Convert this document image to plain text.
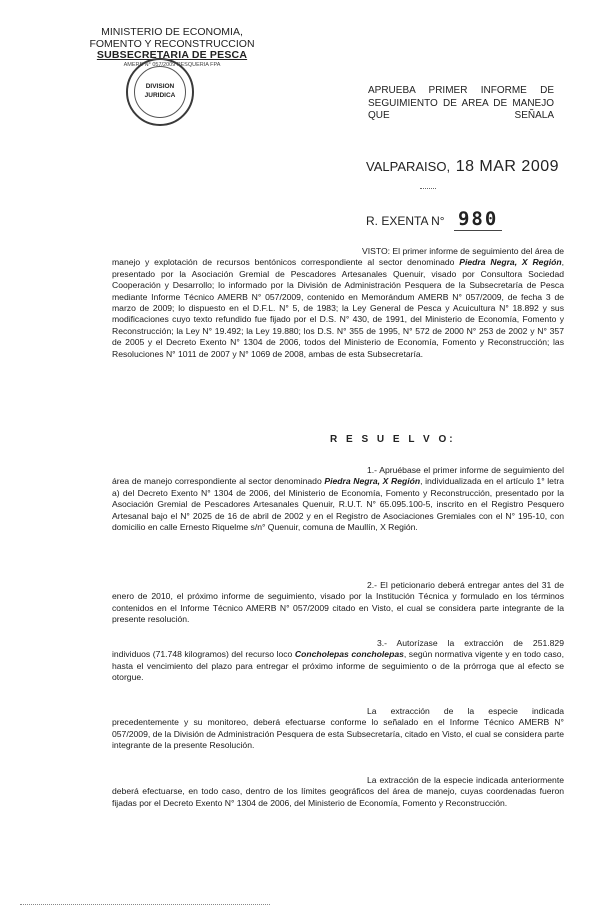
MINISTERIO DE ECONOMIA,
FOMENTO Y RECONSTRUCCION
SUBSECRETARIA DE PESCA
AMERB N° 057/2009 PESQUERIA FPA
DIVISION
JURIDICA	APRUEBA PRIMER INFORME DE SEGUIMIENTO DE AREA DE MANEJO QUE SEÑALA
VALPARAISO, 18 MAR 2009
R. EXENTA N° 980

VISTO: El primer informe de seguimiento del área de manejo y explotación de recursos bentónicos correspondiente al sector denominado Piedra Negra, X Región, presentado por la Asociación Gremial de Pescadores Artesanales Quenuir, visado por Consultora Sociedad Cooperación y Desarrollo; lo informado por la División de Administración Pesquera de la Subsecretaría de Pesca mediante Informe Técnico AMERB N° 057/2009, contenido en Memorándum AMERB N° 057/2009, de fecha 3 de marzo de 2009; lo dispuesto en el D.F.L. N° 5, de 1983; la Ley General de Pesca y Acuicultura N° 18.892 y sus modificaciones cuyo texto refundido fue fijado por el D.S. N° 430, de 1991, del Ministerio de Economía, Fomento y Reconstrucción; la Ley N° 19.492; la Ley 19.880; los D.S. N° 355 de 1995, N° 572 de 2000 N° 253 de 2002 y N° 357 de 2005 y el Decreto Exento N° 1304 de 2006, todos del Ministerio de Economía, Fomento y Reconstrucción; las Resoluciones N° 1011 de 2007 y N° 1069 de 2008, ambas de esta Subsecretaría.

R E S U E L V O:

1.- Apruébase el primer informe de seguimiento del área de manejo correspondiente al sector denominado Piedra Negra, X Región, individualizada en el artículo 1° letra a) del Decreto Exento N° 1304 de 2006, del Ministerio de Economía, Fomento y Reconstrucción, presentado por la Asociación Gremial de Pescadores Artesanales Quenuir, R.U.T. N° 65.095.100-5, inscrito en el Registro Pesquero Artesanal bajo el N° 2025 de 16 de abril de 2002 y en el Registro de Asociaciones Gremiales con el N° 195-10, con domicilio en calle Ernesto Riquelme s/n° Quenuir, comuna de Maullín, X Región.

2.- El peticionario deberá entregar antes del 31 de enero de 2010, el próximo informe de seguimiento, visado por la Institución Técnica y formulado en los términos contenidos en el Informe Técnico AMERB N° 057/2009 citado en Visto, el cual se considera parte integrante de la presente resolución.

3.- Autorízase la extracción de 251.829 individuos (71.748 kilogramos) del recurso loco Concholepas concholepas, según normativa vigente y en todo caso, hasta el vencimiento del plazo para entregar el próximo informe de seguimiento o de la prórroga que al efecto se otorgue.

La extracción de la especie indicada precedentemente y su monitoreo, deberá efectuarse conforme lo señalado en el Informe Técnico AMERB N° 057/2009, de la División de Administración Pesquera de esta Subsecretaría, citado en Visto, el cual se considera parte integrante de la presente Resolución.

La extracción de la especie indicada anteriormente deberá efectuarse, en todo caso, dentro de los límites geográficos del área de manejo, cuyas coordenadas fueron fijadas por el Decreto Exento N° 1304 de 2006, del Ministerio de Economía, Fomento y Reconstrucción.
